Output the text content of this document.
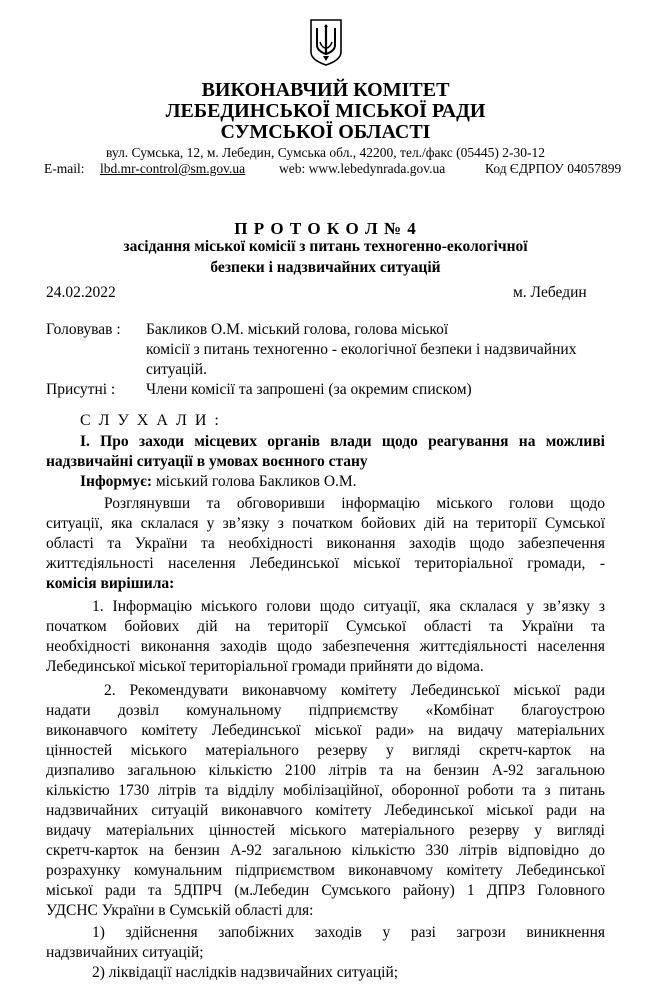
ВИКОНАВЧИЙ КОМІТЕТ
ЛЕБЕДИНСЬКОЇ МІСЬКОЇ РАДИ
СУМСЬКОЇ ОБЛАСТІ
вул. Сумська, 12, м. Лебедин, Сумська обл., 42200, тел./факс (05445) 2-30-12
E-mail: lbd.mr-control@sm.gov.ua	web: www.lebedynrada.gov.ua	Код ЄДРПОУ 04057899
П Р О Т О К О Л № 4
засідання міської комісії з питань техногенно-екологічної
безпеки і надзвичайних ситуацій
24.02.2022	м. Лебедин
Головував : Бакликов О.М. міський голова, голова міської
комісії з питань техногенно - екологічної безпеки і надзвичайних
ситуацій.
Присутні : Члени комісії та запрошені (за окремим списком)
С Л У Х А Л И :
І. Про заходи місцевих органів влади щодо реагування на можливі
надзвичайні ситуації в умовах воєнного стану
Інформує: міський голова Бакликов О.М.
Розглянувши та обговоривши інформацію міського голови щодо
ситуації, яка склалася у зв’язку з початком бойових дій на території Сумської
області та України та необхідності виконання заходів щодо забезпечення
життєдіяльності населення Лебединської міської територіальної громади, -
комісія вирішила:
1. Інформацію міського голови щодо ситуації, яка склалася у зв’язку з
початком бойових дій на території Сумської області та України та
необхідності виконання заходів щодо забезпечення життєдіяльності населення
Лебединської міської територіальної громади прийняти до відома.
2. Рекомендувати виконавчому комітету Лебединської міської ради
надати дозвіл комунальному підприємству «Комбінат благоустрою
виконавчого комітету Лебединської міської ради» на видачу матеріальних
цінностей міського матеріального резерву у вигляді скретч-карток на
дизпаливо загальною кількістю 2100 літрів та на бензин А-92 загальною
кількістю 1730 літрів та відділу мобілізаційної, оборонної роботи та з питань
надзвичайних ситуацій виконавчого комітету Лебединської міської ради на
видачу матеріальних цінностей міського матеріального резерву у вигляді
скретч-карток на бензин А-92 загальною кількістю 330 літрів відповідно до
розрахунку комунальним підприємством виконавчому комітету Лебединської
міської ради та 5ДПРЧ (м.Лебедин Сумського району) 1 ДПРЗ Головного
УДСНС України в Сумській області для:
1) здійснення запобіжних заходів у разі загрози виникнення
надзвичайних ситуацій;
2) ліквідації наслідків надзвичайних ситуацій;
